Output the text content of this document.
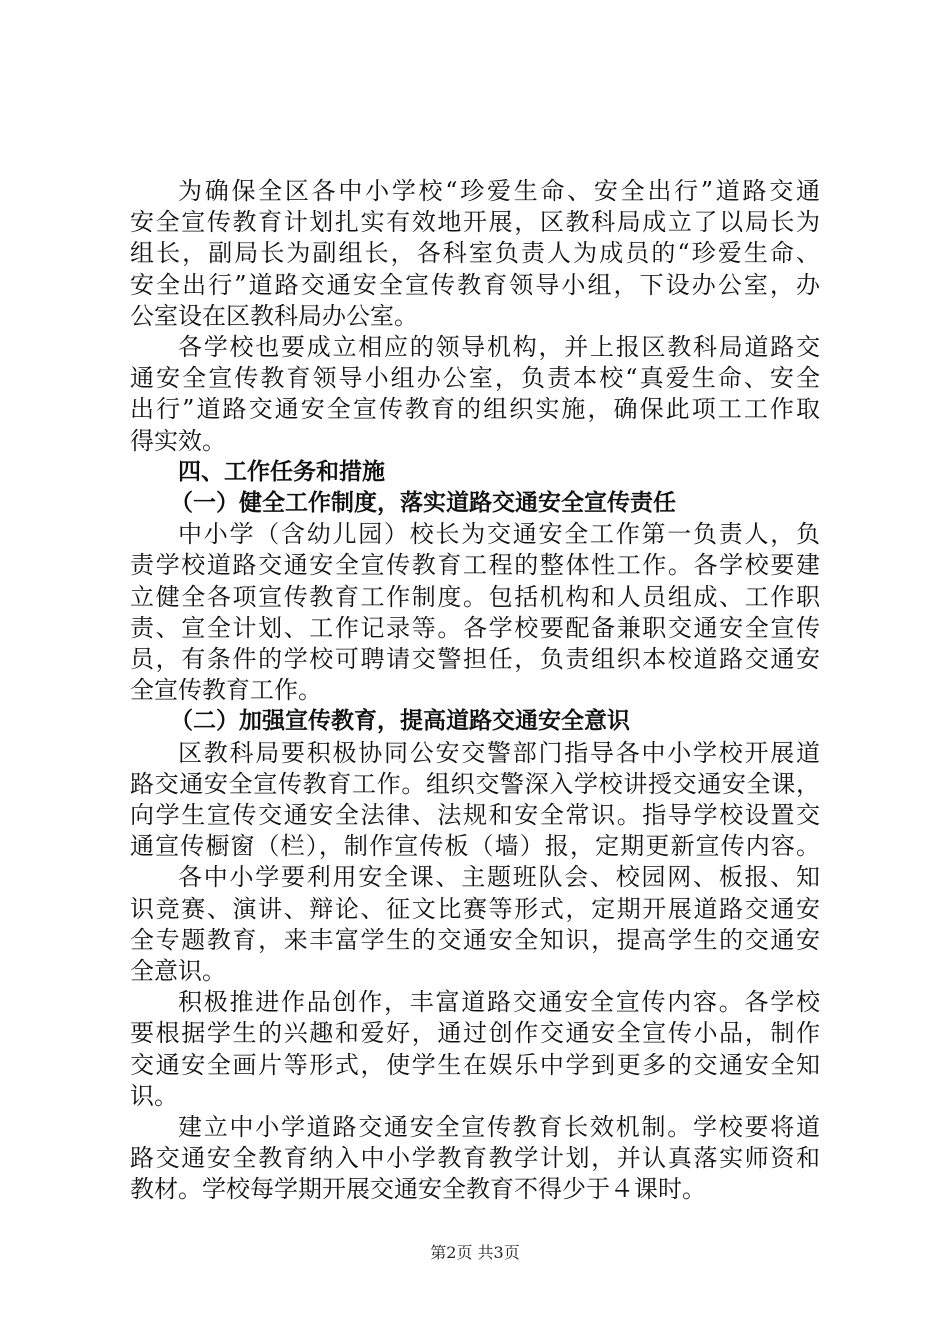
为确保全区各中小学校“珍爱生命、安全出行”道路交通
安全宣传教育计划扎实有效地开展，区教科局成立了以局长为
组长，副局长为副组长，各科室负责人为成员的“珍爱生命、
安全出行”道路交通安全宣传教育领导小组，下设办公室，办
公室设在区教科局办公室。
各学校也要成立相应的领导机构，并上报区教科局道路交
通安全宣传教育领导小组办公室，负责本校“真爱生命、安全
出行”道路交通安全宣传教育的组织实施，确保此项工工作取
得实效。
四、工作任务和措施
（一）健全工作制度，落实道路交通安全宣传责任
中小学（含幼儿园）校长为交通安全工作第一负责人，负
责学校道路交通安全宣传教育工程的整体性工作。各学校要建
立健全各项宣传教育工作制度。包括机构和人员组成、工作职
责、宣全计划、工作记录等。各学校要配备兼职交通安全宣传
员，有条件的学校可聘请交警担任，负责组织本校道路交通安
全宣传教育工作。
（二）加强宣传教育，提高道路交通安全意识
区教科局要积极协同公安交警部门指导各中小学校开展道
路交通安全宣传教育工作。组织交警深入学校讲授交通安全课，
向学生宣传交通安全法律、法规和安全常识。指导学校设置交
通宣传橱窗（栏），制作宣传板（墙）报，定期更新宣传内容。
各中小学要利用安全课、主题班队会、校园网、板报、知
识竞赛、演讲、辩论、征文比赛等形式，定期开展道路交通安
全专题教育，来丰富学生的交通安全知识，提高学生的交通安
全意识。
积极推进作品创作，丰富道路交通安全宣传内容。各学校
要根据学生的兴趣和爱好，通过创作交通安全宣传小品，制作
交通安全画片等形式，使学生在娱乐中学到更多的交通安全知
识。
建立中小学道路交通安全宣传教育长效机制。学校要将道
路交通安全教育纳入中小学教育教学计划，并认真落实师资和
教材。学校每学期开展交通安全教育不得少于４课时。
第2页 共3页
